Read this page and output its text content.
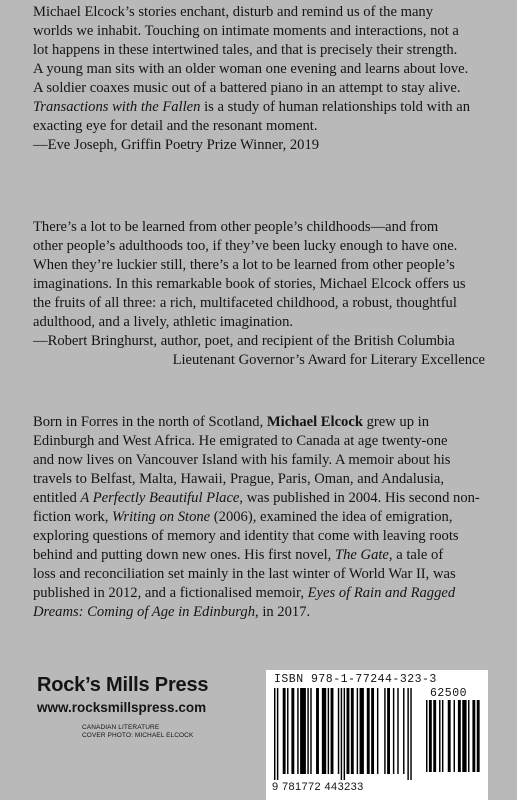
Michael Elcock’s stories enchant, disturb and remind us of the many
worlds we inhabit. Touching on intimate moments and interactions, not a
lot happens in these intertwined tales, and that is precisely their strength.
A young man sits with an older woman one evening and learns about love.
A soldier coaxes music out of a battered piano in an attempt to stay alive.
Transactions with the Fallen is a study of human relationships told with an
exacting eye for detail and the resonant moment.
—Eve Joseph, Griffin Poetry Prize Winner, 2019
There’s a lot to be learned from other people’s childhoods—and from
other people’s adulthoods too, if they’ve been lucky enough to have one.
When they’re luckier still, there’s a lot to be learned from other people’s
imaginations. In this remarkable book of stories, Michael Elcock offers us
the fruits of all three: a rich, multifaceted childhood, a robust, thoughtful
adulthood, and a lively, athletic imagination.
—Robert Bringhurst, author, poet, and recipient of the British Columbia
Lieutenant Governor’s Award for Literary Excellence
Born in Forres in the north of Scotland, Michael Elcock grew up in
Edinburgh and West Africa. He emigrated to Canada at age twenty-one
and now lives on Vancouver Island with his family. A memoir about his
travels to Belfast, Malta, Hawaii, Prague, Paris, Oman, and Andalusia,
entitled A Perfectly Beautiful Place, was published in 2004. His second non-
fiction work, Writing on Stone (2006), examined the idea of emigration,
exploring questions of memory and identity that come with leaving roots
behind and putting down new ones. His first novel, The Gate, a tale of
loss and reconciliation set mainly in the last winter of World War II, was
published in 2012, and a fictionalised memoir, Eyes of Rain and Ragged
Dreams: Coming of Age in Edinburgh, in 2017.
Rock’s Mills Press
www.rocksmillspress.com
CANADIAN LITERATURE
COVER PHOTO: MICHAEL ELCOCK
ISBN 978-1-77244-323-3
62500
9 781772 443233
